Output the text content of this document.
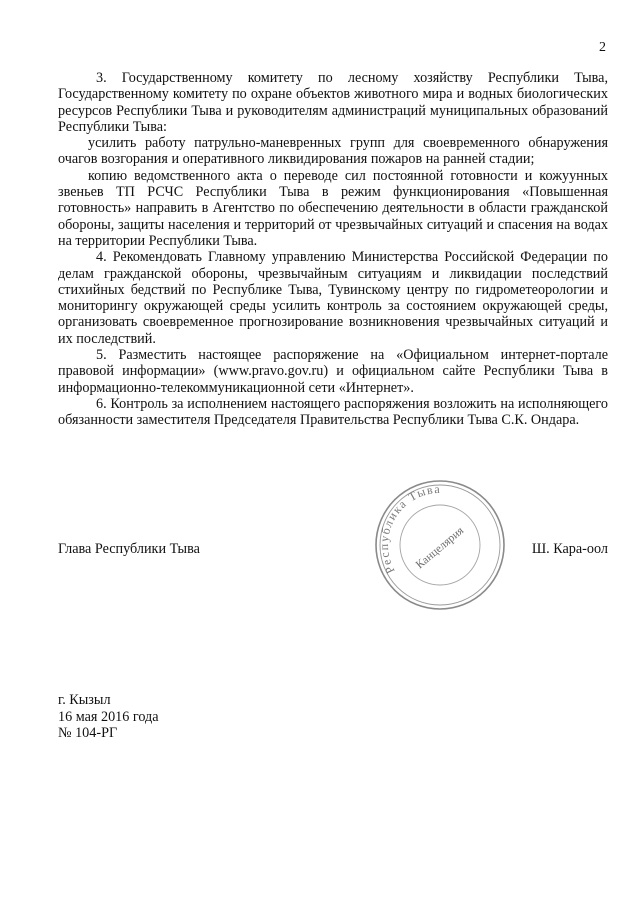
2

3. Государственному комитету по лесному хозяйству Республики Тыва, Государственному комитету по охране объектов животного мира и водных биологических ресурсов Республики Тыва и руководителям администраций муниципальных образований Республики Тыва:

усилить работу патрульно-маневренных групп для своевременного обнаружения очагов возгорания и оперативного ликвидирования пожаров на ранней стадии;

копию ведомственного акта о переводе сил постоянной готовности и кожуунных звеньев ТП РСЧС Республики Тыва в режим функционирования «Повышенная готовность» направить в Агентство по обеспечению деятельности в области гражданской обороны, защиты населения и территорий от чрезвычайных ситуаций и спасения на водах на территории Республики Тыва.

4. Рекомендовать Главному управлению Министерства Российской Федерации по делам гражданской обороны, чрезвычайным ситуациям и ликвидации последствий стихийных бедствий по Республике Тыва, Тувинскому центру по гидрометеорологии и мониторингу окружающей среды усилить контроль за состоянием окружающей среды, организовать своевременное прогнозирование возникновения чрезвычайных ситуаций и их последствий.

5. Разместить настоящее распоряжение на «Официальном интернет-портале правовой информации» (www.pravo.gov.ru) и официальном сайте Республики Тыва в информационно-телекоммуникационной сети «Интернет».

6. Контроль за исполнением настоящего распоряжения возложить на исполняющего обязанности заместителя Председателя Правительства Республики Тыва С.К. Ондара.

Глава Республики Тыва	Ш. Кара-оол
Республика Тыва
Канцелярия
г. Кызыл
16 мая 2016 года
№ 104-РГ
